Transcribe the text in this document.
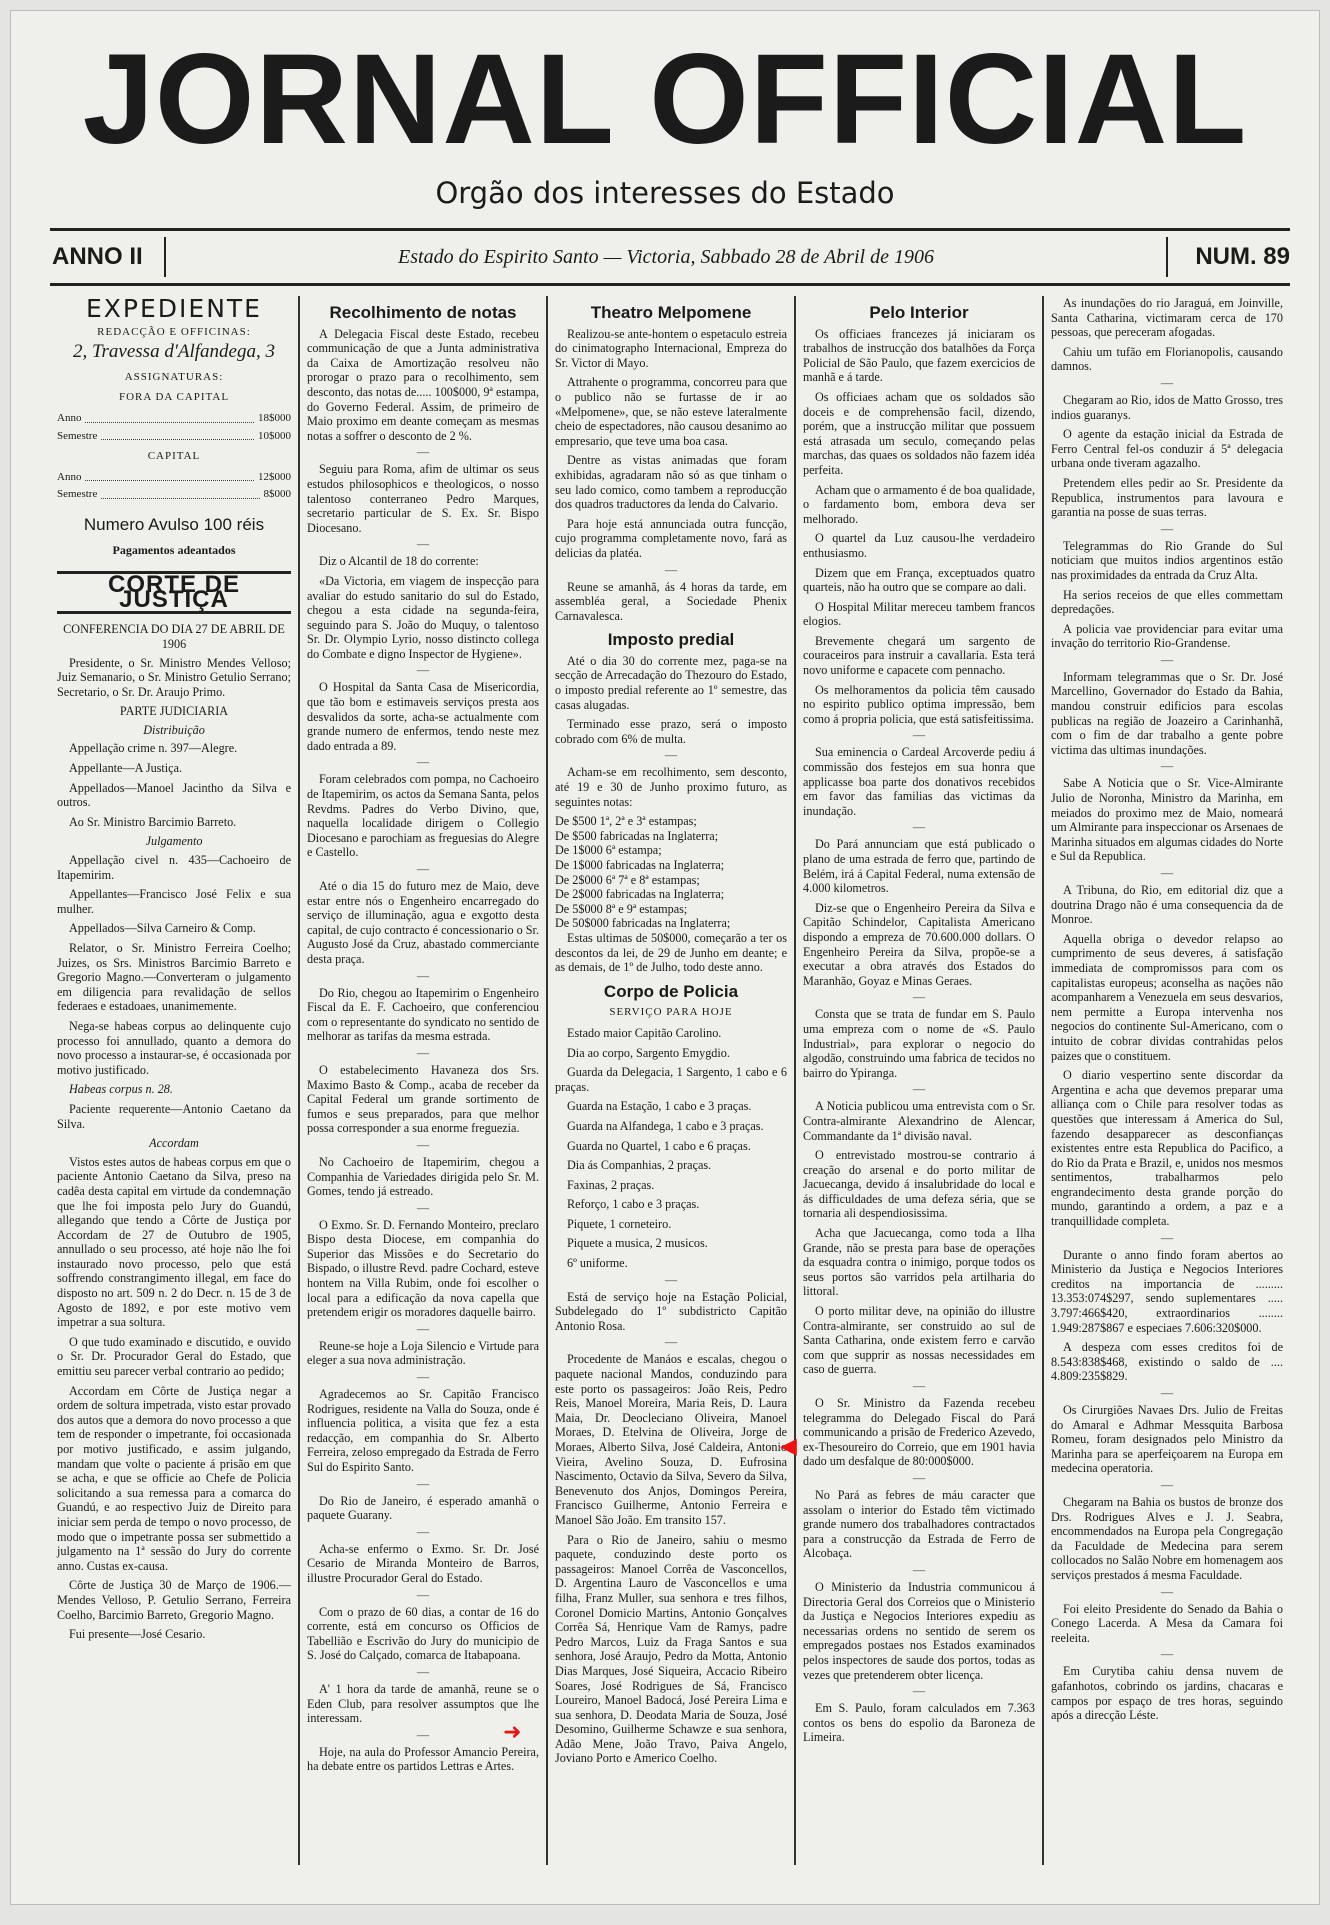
JORNAL OFFICIAL
Orgão dos interesses do Estado
ANNO II	Estado do Espirito Santo — Victoria, Sabbado 28 de Abril de 1906	NUM. 89
EXPEDIENTE
REDACÇÃO E OFFICINAS:
2, Travessa d'Alfandega, 3
ASSIGNATURAS:
FORA DA CAPITAL
Anno	18$000
Semestre	10$000
CAPITAL
Anno	12$000
Semestre	8$000
Numero Avulso 100 réis
Pagamentos adeantados
CORTE DE JUSTIÇA
CONFERENCIA DO DIA 27 DE ABRIL DE 1906

Presidente, o Sr. Ministro Mendes Velloso; Juiz Semanario, o Sr. Ministro Getulio Serrano; Secretario, o Sr. Dr. Araujo Primo.

PARTE JUDICIARIA
Distribuição

Appellação crime n. 397—Alegre.

Appellante—A Justiça.

Appellados—Manoel Jacintho da Silva e outros.

Ao Sr. Ministro Barcimio Barreto.

Julgamento

Appellação civel n. 435—Cachoeiro de Itapemirim.

Appellantes—Francisco José Felix e sua mulher.

Appellados—Silva Carneiro & Comp.

Relator, o Sr. Ministro Ferreira Coelho; Juizes, os Srs. Ministros Barcimio Barreto e Gregorio Magno.—Converteram o julgamento em diligencia para revalidação de sellos federaes e estadoaes, unanimemente.

Nega-se habeas corpus ao delinquente cujo processo foi annullado, quanto a demora do novo processo a instaurar-se, é occasionada por motivo justificado.

Habeas corpus n. 28.

Paciente requerente—Antonio Caetano da Silva.

Accordam

Vistos estes autos de habeas corpus em que o paciente Antonio Caetano da Silva, preso na cadêa desta capital em virtude da condemnação que lhe foi imposta pelo Jury do Guandú, allegando que tendo a Côrte de Justiça por Accordam de 27 de Outubro de 1905, annullado o seu processo, até hoje não lhe foi instaurado novo processo, pelo que está soffrendo constrangimento illegal, em face do disposto no art. 509 n. 2 do Decr. n. 15 de 3 de Agosto de 1892, e por este motivo vem impetrar a sua soltura.

O que tudo examinado e discutido, e ouvido o Sr. Dr. Procurador Geral do Estado, que emittiu seu parecer verbal contrario ao pedido;

Accordam em Côrte de Justiça negar a ordem de soltura impetrada, visto estar provado dos autos que a demora do novo processo a que tem de responder o impetrante, foi occasionada por motivo justificado, e assim julgando, mandam que volte o paciente á prisão em que se acha, e que se officie ao Chefe de Policia solicitando a sua remessa para a comarca do Guandú, e ao respectivo Juiz de Direito para iniciar sem perda de tempo o novo processo, de modo que o impetrante possa ser submettido a julgamento na 1ª sessão do Jury do corrente anno. Custas ex-causa.

Côrte de Justiça 30 de Março de 1906.—Mendes Velloso, P. Getulio Serrano, Ferreira Coelho, Barcimio Barreto, Gregorio Magno.

Fui presente—José Cesario.

Recolhimento de notas

A Delegacia Fiscal deste Estado, recebeu communicação de que a Junta administrativa da Caixa de Amortização resolveu não prorogar o prazo para o recolhimento, sem desconto, das notas de..... 100$000, 9ª estampa, do Governo Federal. Assim, de primeiro de Maio proximo em deante começam as mesmas notas a soffrer o desconto de 2 %.

—

Seguiu para Roma, afim de ultimar os seus estudos philosophicos e theologicos, o nosso talentoso conterraneo Pedro Marques, secretario particular de S. Ex. Sr. Bispo Diocesano.

—

Diz o Alcantil de 18 do corrente:

«Da Victoria, em viagem de inspecção para avaliar do estudo sanitario do sul do Estado, chegou a esta cidade na segunda-feira, seguindo para S. João do Muquy, o talentoso Sr. Dr. Olympio Lyrio, nosso distincto collega do Combate e digno Inspector de Hygiene».

—

O Hospital da Santa Casa de Misericordia, que tão bom e estimaveis serviços presta aos desvalidos da sorte, acha-se actualmente com grande numero de enfermos, tendo neste mez dado entrada a 89.

—

Foram celebrados com pompa, no Cachoeiro de Itapemirim, os actos da Semana Santa, pelos Revdms. Padres do Verbo Divino, que, naquella localidade dirigem o Collegio Diocesano e parochiam as freguesias do Alegre e Castello.

—

Até o dia 15 do futuro mez de Maio, deve estar entre nós o Engenheiro encarregado do serviço de illuminação, agua e exgotto desta capital, de cujo contracto é concessionario o Sr. Augusto José da Cruz, abastado commerciante desta praça.

—

Do Rio, chegou ao Itapemirim o Engenheiro Fiscal da E. F. Cachoeiro, que conferenciou com o representante do syndicato no sentido de melhorar as tarifas da mesma estrada.

—

O estabelecimento Havaneza dos Srs. Maximo Basto & Comp., acaba de receber da Capital Federal um grande sortimento de fumos e seus preparados, para que melhor possa corresponder a sua enorme freguezia.

—

No Cachoeiro de Itapemirim, chegou a Companhia de Variedades dirigida pelo Sr. M. Gomes, tendo já estreado.

—

O Exmo. Sr. D. Fernando Monteiro, preclaro Bispo desta Diocese, em companhia do Superior das Missões e do Secretario do Bispado, o illustre Revd. padre Cochard, esteve hontem na Villa Rubim, onde foi escolher o local para a edificação da nova capella que pretendem erigir os moradores daquelle bairro.

—

Reune-se hoje a Loja Silencio e Virtude para eleger a sua nova administração.

—

Agradecemos ao Sr. Capitão Francisco Rodrigues, residente na Valla do Souza, onde é influencia politica, a visita que fez a esta redacção, em companhia do Sr. Alberto Ferreira, zeloso empregado da Estrada de Ferro Sul do Espirito Santo.

—

Do Rio de Janeiro, é esperado amanhã o paquete Guarany.

—

Acha-se enfermo o Exmo. Sr. Dr. José Cesario de Miranda Monteiro de Barros, illustre Procurador Geral do Estado.

—

Com o prazo de 60 dias, a contar de 16 do corrente, está em concurso os Officios de Tabellião e Escrivão do Jury do municipio de S. José do Calçado, comarca de Itabapoana.

—

A' 1 hora da tarde de amanhã, reune se o Eden Club, para resolver assumptos que lhe interessam.

—

Hoje, na aula do Professor Amancio Pereira, ha debate entre os partidos Lettras e Artes.

Theatro Melpomene

Realizou-se ante-hontem o espetaculo estreia do cinimatographo Internacional, Empreza do Sr. Victor di Mayo.

Attrahente o programma, concorreu para que o publico não se furtasse de ir ao «Melpomene», que, se não esteve lateralmente cheio de espectadores, não causou desanimo ao empresario, que teve uma boa casa.

Dentre as vistas animadas que foram exhibidas, agradaram não só as que tinham o seu lado comico, como tambem a reproducção dos quadros traductores da lenda do Calvario.

Para hoje está annunciada outra funcção, cujo programma completamente novo, fará as delicias da platéa.

—

Reune se amanhã, ás 4 horas da tarde, em assembléa geral, a Sociedade Phenix Carnavalesca.

Imposto predial

Até o dia 30 do corrente mez, paga-se na secção de Arrecadação do Thezouro do Estado, o imposto predial referente ao 1º semestre, das casas alugadas.

Terminado esse prazo, será o imposto cobrado com 6% de multa.

—

Acham-se em recolhimento, sem desconto, até 19 e 30 de Junho proximo futuro, as seguintes notas:

De $500 1ª, 2ª e 3ª estampas;
De $500 fabricadas na Inglaterra;
De 1$000 6ª estampa;
De 1$000 fabricadas na Inglaterra;
De 2$000 6ª 7ª e 8ª estampas;
De 2$000 fabricadas na Inglaterra;
De 5$000 8ª e 9ª estampas;
De 50$000 fabricadas na Inglaterra;

Estas ultimas de 50$000, começarão a ter os descontos da lei, de 29 de Junho em deante; e as demais, de 1º de Julho, todo deste anno.

Corpo de Policia
SERVIÇO PARA HOJE

Estado maior Capitão Carolino.

Dia ao corpo, Sargento Emygdio.

Guarda da Delegacia, 1 Sargento, 1 cabo e 6 praças.

Guarda na Estação, 1 cabo e 3 praças.

Guarda na Alfandega, 1 cabo e 3 praças.

Guarda no Quartel, 1 cabo e 6 praças.

Dia ás Companhias, 2 praças.

Faxinas, 2 praças.

Reforço, 1 cabo e 3 praças.

Piquete, 1 corneteiro.

Piquete a musica, 2 musicos.

6º uniforme.

—

Está de serviço hoje na Estação Policial, Subdelegado do 1º subdistricto Capitão Antonio Rosa.

—

Procedente de Manáos e escalas, chegou o paquete nacional Mandos, conduzindo para este porto os passageiros: João Reis, Pedro Reis, Manoel Moreira, Maria Reis, D. Laura Maia, Dr. Deocleciano Oliveira, Manoel Moraes, D. Etelvina de Oliveira, Jorge de Moraes, Alberto Silva, José Caldeira, Antonio Vieira, Avelino Souza, D. Eufrosina Nascimento, Octavio da Silva, Severo da Silva, Benevenuto dos Anjos, Domingos Pereira, Francisco Guilherme, Antonio Ferreira e Manoel São João. Em transito 157.

Para o Rio de Janeiro, sahiu o mesmo paquete, conduzindo deste porto os passageiros: Manoel Corrêa de Vasconcellos, D. Argentina Lauro de Vasconcellos e uma filha, Franz Muller, sua senhora e tres filhos, Coronel Domicio Martins, Antonio Gonçalves Corrêa Sá, Henrique Vam de Ramys, padre Pedro Marcos, Luiz da Fraga Santos e sua senhora, José Araujo, Pedro da Motta, Antonio Dias Marques, José Siqueira, Accacio Ribeiro Soares, José Rodrigues de Sá, Francisco Loureiro, Manoel Badocá, José Pereira Lima e sua senhora, D. Deodata Maria de Souza, José Desomino, Guilherme Schawze e sua senhora, Adão Mene, João Travo, Paiva Angelo, Joviano Porto e Americo Coelho.

Pelo Interior

Os officiaes francezes já iniciaram os trabalhos de instrucção dos batalhões da Força Policial de São Paulo, que fazem exercicios de manhã e á tarde.

Os officiaes acham que os soldados são doceis e de comprehensão facil, dizendo, porém, que a instrucção militar que possuem está atrasada um seculo, começando pelas marchas, das quaes os soldados não fazem idéa perfeita.

Acham que o armamento é de boa qualidade, o fardamento bom, embora deva ser melhorado.

O quartel da Luz causou-lhe verdadeiro enthusiasmo.

Dizem que em França, exceptuados quatro quarteis, não ha outro que se compare ao dali.

O Hospital Militar mereceu tambem francos elogios.

Brevemente chegará um sargento de couraceiros para instruir a cavallaria. Esta terá novo uniforme e capacete com pennacho.

Os melhoramentos da policia têm causado no espirito publico optima impressão, bem como á propria policia, que está satisfeitissima.

—

Sua eminencia o Cardeal Arcoverde pediu á commissão dos festejos em sua honra que applicasse boa parte dos donativos recebidos em favor das familias das victimas da inundação.

—

Do Pará annunciam que está publicado o plano de uma estrada de ferro que, partindo de Belém, irá á Capital Federal, numa extensão de 4.000 kilometros.

Diz-se que o Engenheiro Pereira da Silva e Capitão Schindelor, Capitalista Americano dispondo a empreza de 70.600.000 dollars. O Engenheiro Pereira da Silva, propõe-se a executar a obra através dos Estados do Maranhão, Goyaz e Minas Geraes.

—

Consta que se trata de fundar em S. Paulo uma empreza com o nome de «S. Paulo Industrial», para explorar o negocio do algodão, construindo uma fabrica de tecidos no bairro do Ypiranga.

—

A Noticia publicou uma entrevista com o Sr. Contra-almirante Alexandrino de Alencar, Commandante da 1ª divisão naval.

O entrevistado mostrou-se contrario á creação do arsenal e do porto militar de Jacuecanga, devido á insalubridade do local e ás difficuldades de uma defeza séria, que se tornaria ali despendiosissima.

Acha que Jacuecanga, como toda a Ilha Grande, não se presta para base de operações da esquadra contra o inimigo, porque todos os seus portos são varridos pela artilharia do littoral.

O porto militar deve, na opinião do illustre Contra-almirante, ser construido ao sul de Santa Catharina, onde existem ferro e carvão com que supprir as nossas necessidades em caso de guerra.

—

O Sr. Ministro da Fazenda recebeu telegramma do Delegado Fiscal do Pará communicando a prisão de Frederico Azevedo, ex-Thesoureiro do Correio, que em 1901 havia dado um desfalque de 80:000$000.

—

No Pará as febres de máu caracter que assolam o interior do Estado têm victimado grande numero dos trabalhadores contractados para a construcção da Estrada de Ferro de Alcobaça.

—

O Ministerio da Industria communicou á Directoria Geral dos Correios que o Ministerio da Justiça e Negocios Interiores expediu as necessarias ordens no sentido de serem os empregados postaes nos Estados examinados pelos inspectores de saude dos portos, todas as vezes que pretenderem obter licença.

—

Em S. Paulo, foram calculados em 7.363 contos os bens do espolio da Baroneza de Limeira.

As inundações do rio Jaraguá, em Joinville, Santa Catharina, victimaram cerca de 170 pessoas, que pereceram afogadas.

Cahiu um tufão em Florianopolis, causando damnos.

—

Chegaram ao Rio, idos de Matto Grosso, tres indios guaranys.

O agente da estação inicial da Estrada de Ferro Central fel-os conduzir á 5ª delegacia urbana onde tiveram agazalho.

Pretendem elles pedir ao Sr. Presidente da Republica, instrumentos para lavoura e garantia na posse de suas terras.

—

Telegrammas do Rio Grande do Sul noticiam que muitos indios argentinos estão nas proximidades da entrada da Cruz Alta.

Ha serios receios de que elles commettam depredações.

A policia vae providenciar para evitar uma invação do territorio Rio-Grandense.

—

Informam telegrammas que o Sr. Dr. José Marcellino, Governador do Estado da Bahia, mandou construir edificios para escolas publicas na região de Joazeiro a Carinhanhã, com o fim de dar trabalho a gente pobre victima das ultimas inundações.

—

Sabe A Noticia que o Sr. Vice-Almirante Julio de Noronha, Ministro da Marinha, em meiados do proximo mez de Maio, nomeará um Almirante para inspeccionar os Arsenaes de Marinha situados em algumas cidades do Norte e Sul da Republica.

—

A Tribuna, do Rio, em editorial diz que a doutrina Drago não é uma consequencia da de Monroe.

Aquella obriga o devedor relapso ao cumprimento de seus deveres, á satisfação immediata de compromissos para com os capitalistas europeus; aconselha as nações não acompanharem a Venezuela em seus desvarios, nem permitte a Europa intervenha nos negocios do continente Sul-Americano, com o intuito de cobrar dividas contrahidas pelos paizes que o constituem.

O diario vespertino sente discordar da Argentina e acha que devemos preparar uma alliança com o Chile para resolver todas as questões que interessam á America do Sul, fazendo desapparecer as desconfianças existentes entre esta Republica do Pacifico, a do Rio da Prata e Brazil, e, unidos nos mesmos sentimentos, trabalharmos pelo engrandecimento desta grande porção do mundo, garantindo a ordem, a paz e a tranquillidade completa.

—

Durante o anno findo foram abertos ao Ministerio da Justiça e Negocios Interiores creditos na importancia de ......... 13.353:074$297, sendo suplementares ..... 3.797:466$420, extraordinarios ........ 1.949:287$867 e especiaes 7.606:320$000.

A despeza com esses creditos foi de 8.543:838$468, existindo o saldo de .... 4.809:235$829.

—

Os Cirurgiões Navaes Drs. Julio de Freitas do Amaral e Adhmar Messquita Barbosa Romeu, foram designados pelo Ministro da Marinha para se aperfeiçoarem na Europa em medecina operatoria.

—

Chegaram na Bahia os bustos de bronze dos Drs. Rodrigues Alves e J. J. Seabra, encommendados na Europa pela Congregação da Faculdade de Medecina para serem collocados no Salão Nobre em homenagem aos serviços prestados á mesma Faculdade.

—

Foi eleito Presidente do Senado da Bahia o Conego Lacerda. A Mesa da Camara foi reeleita.

—

Em Curytiba cahiu densa nuvem de gafanhotos, cobrindo os jardins, chacaras e campos por espaço de tres horas, seguindo após a direcção Léste.

◀
➜
